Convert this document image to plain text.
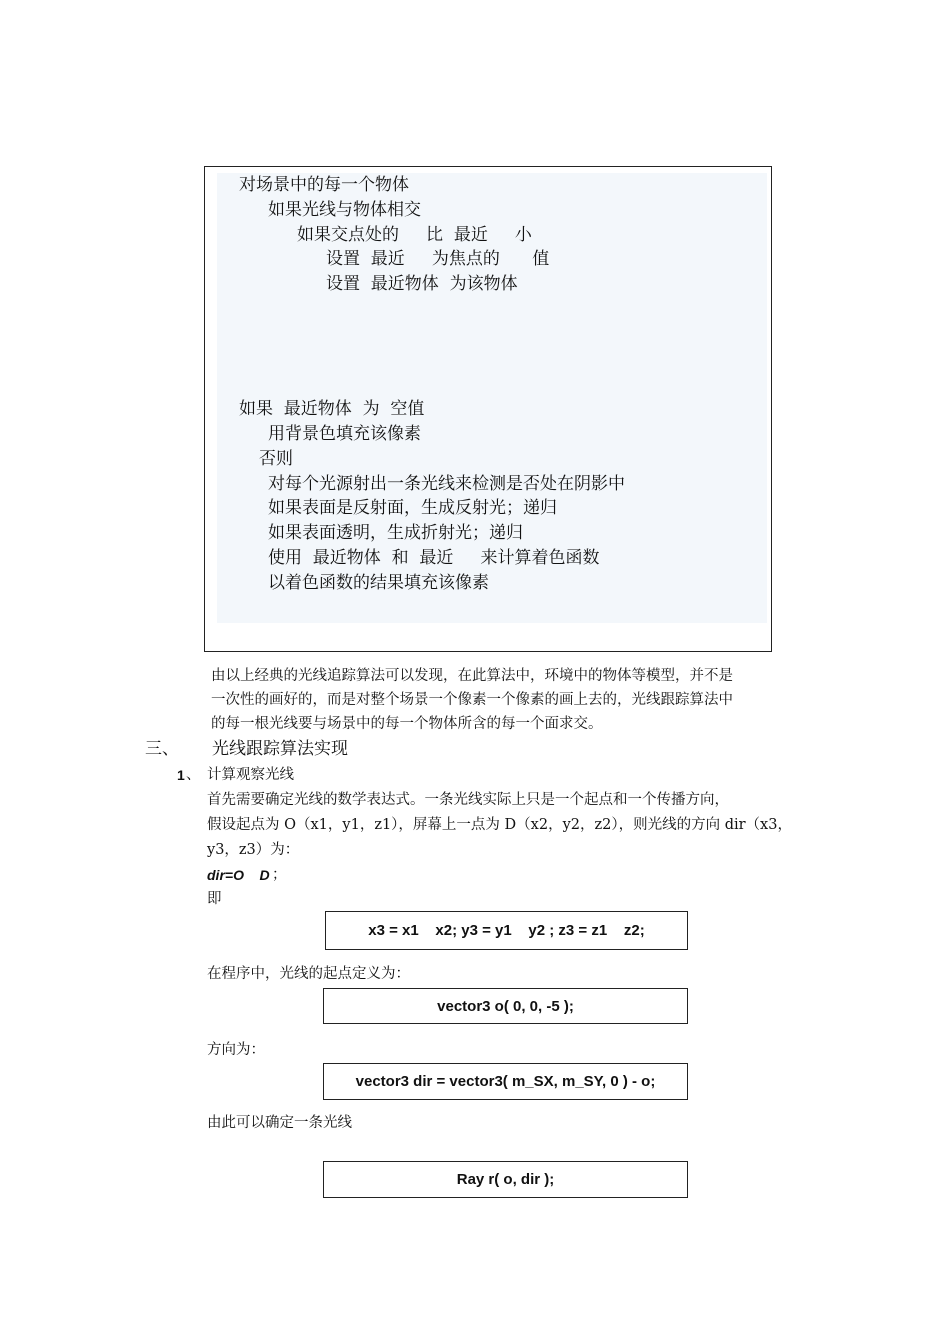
对场景中的每一个物体
如果光线与物体相交
如果交点处的     比  最近     小
设置  最近     为焦点的      值
设置  最近物体  为该物体
如果  最近物体  为  空值
用背景色填充该像素
否则
对每个光源射出一条光线来检测是否处在阴影中
如果表面是反射面，生成反射光；递归
如果表面透明，生成折射光；递归
使用  最近物体  和  最近     来计算着色函数
以着色函数的结果填充该像素
由以上经典的光线追踪算法可以发现，在此算法中，环境中的物体等模型，并不是
一次性的画好的，而是对整个场景一个像素一个像素的画上去的，光线跟踪算法中
的每一根光线要与场景中的每一个物体所含的每一个面求交。
三、 光线跟踪算法实现
1 、 计算观察光线
首先需要确定光线的数学表达式。一条光线实际上只是一个起点和一个传播方向，
假设起点为 O（x1，y1，z1），屏幕上一点为 D（x2，y2，z2），则光线的方向 dir（x3，
y3，z3）为：
dir=O    D ；
即
x3 = x1    x2; y3 = y1    y2 ; z3 = z1    z2;
在程序中，光线的起点定义为：
vector3 o( 0, 0, -5 );
方向为：
vector3 dir = vector3( m_SX, m_SY, 0 ) - o;
由此可以确定一条光线
Ray r( o, dir );
